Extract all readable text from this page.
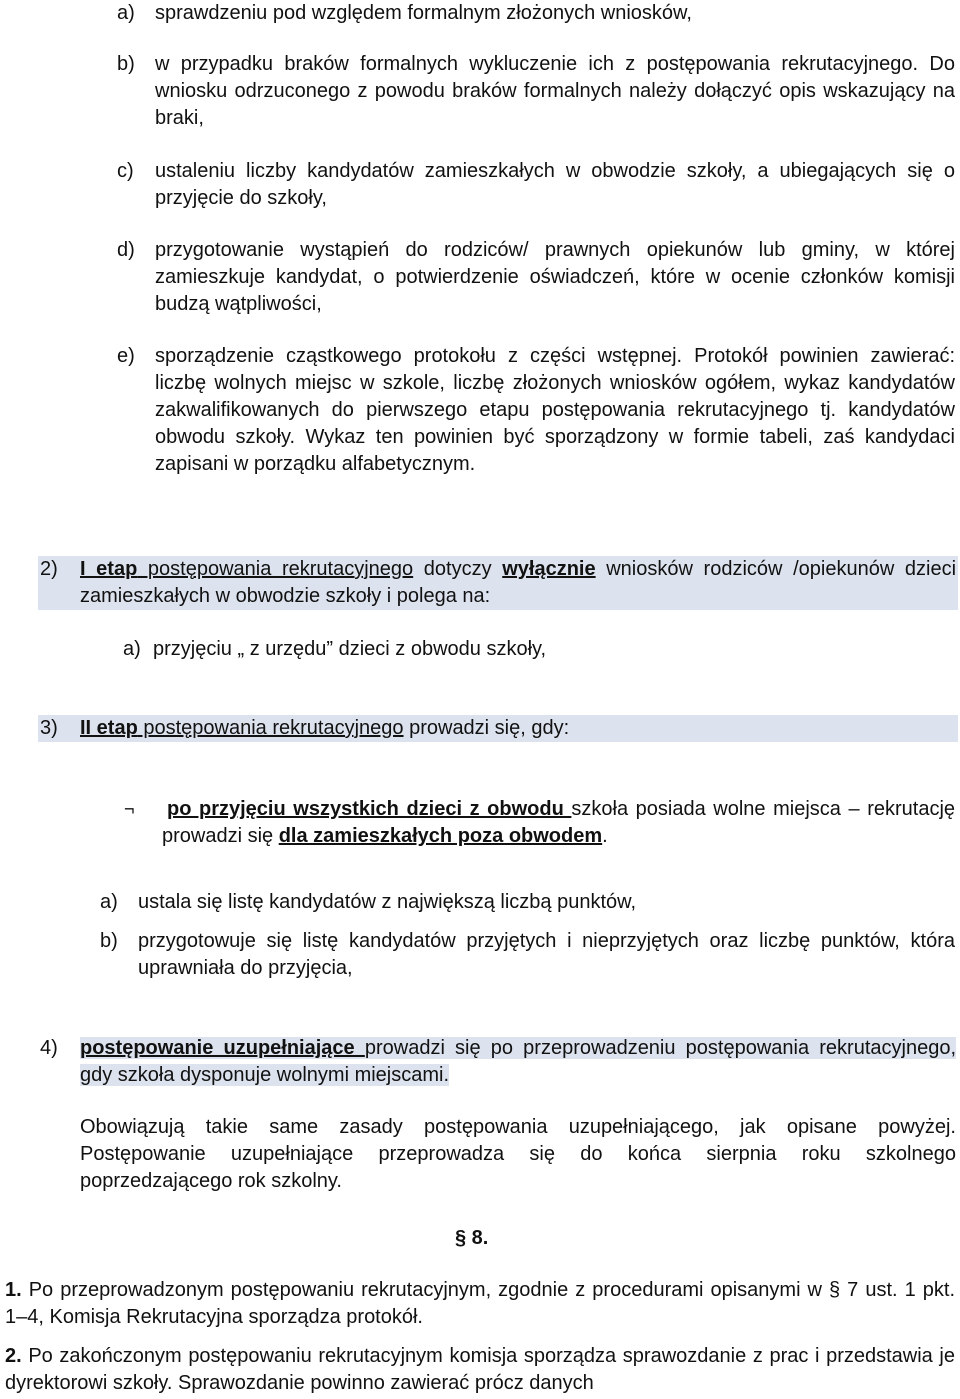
a) sprawdzeniu pod względem formalnym złożonych wniosków,
b) w przypadku braków formalnych wykluczenie ich z postępowania rekrutacyjnego. Do wniosku odrzuconego z powodu braków formalnych należy dołączyć opis wskazujący na braki,
c) ustaleniu liczby kandydatów zamieszkałych w obwodzie szkoły, a ubiegających się o przyjęcie do szkoły,
d) przygotowanie wystąpień do rodziców/ prawnych opiekunów lub gminy, w której zamieszkuje kandydat, o potwierdzenie oświadczeń, które w ocenie członków komisji budzą wątpliwości,
e) sporządzenie cząstkowego protokołu z części wstępnej. Protokół powinien zawierać: liczbę wolnych miejsc w szkole, liczbę złożonych wniosków ogółem, wykaz kandydatów zakwalifikowanych do pierwszego etapu postępowania rekrutacyjnego tj. kandydatów obwodu szkoły. Wykaz ten powinien być sporządzony w formie tabeli, zaś kandydaci zapisani w porządku alfabetycznym.
2) I etap postępowania rekrutacyjnego dotyczy wyłącznie wniosków rodziców /opiekunów dzieci zamieszkałych w obwodzie szkoły i polega na:
a) przyjęciu „ z urzędu” dzieci z obwodu szkoły,
3) II etap postępowania rekrutacyjnego prowadzi się, gdy:
¬ po przyjęciu wszystkich dzieci z obwodu szkoła posiada wolne miejsca – rekrutację prowadzi się dla zamieszkałych poza obwodem.
a) ustala się listę kandydatów z największą liczbą punktów,
b) przygotowuje się listę kandydatów przyjętych i nieprzyjętych oraz liczbę punktów, która uprawniała do przyjęcia,
4) postępowanie uzupełniające prowadzi się po przeprowadzeniu postępowania rekrutacyjnego, gdy szkoła dysponuje wolnymi miejscami.
Obowiązują takie same zasady postępowania uzupełniającego, jak opisane powyżej. Postępowanie uzupełniające przeprowadza się do końca sierpnia roku szkolnego poprzedzającego rok szkolny.
§ 8.
1. Po przeprowadzonym postępowaniu rekrutacyjnym, zgodnie z procedurami opisanymi w § 7 ust. 1 pkt. 1–4, Komisja Rekrutacyjna sporządza protokół.
2. Po zakończonym postępowaniu rekrutacyjnym komisja sporządza sprawozdanie z prac i przedstawia je dyrektorowi szkoły. Sprawozdanie powinno zawierać prócz danych
